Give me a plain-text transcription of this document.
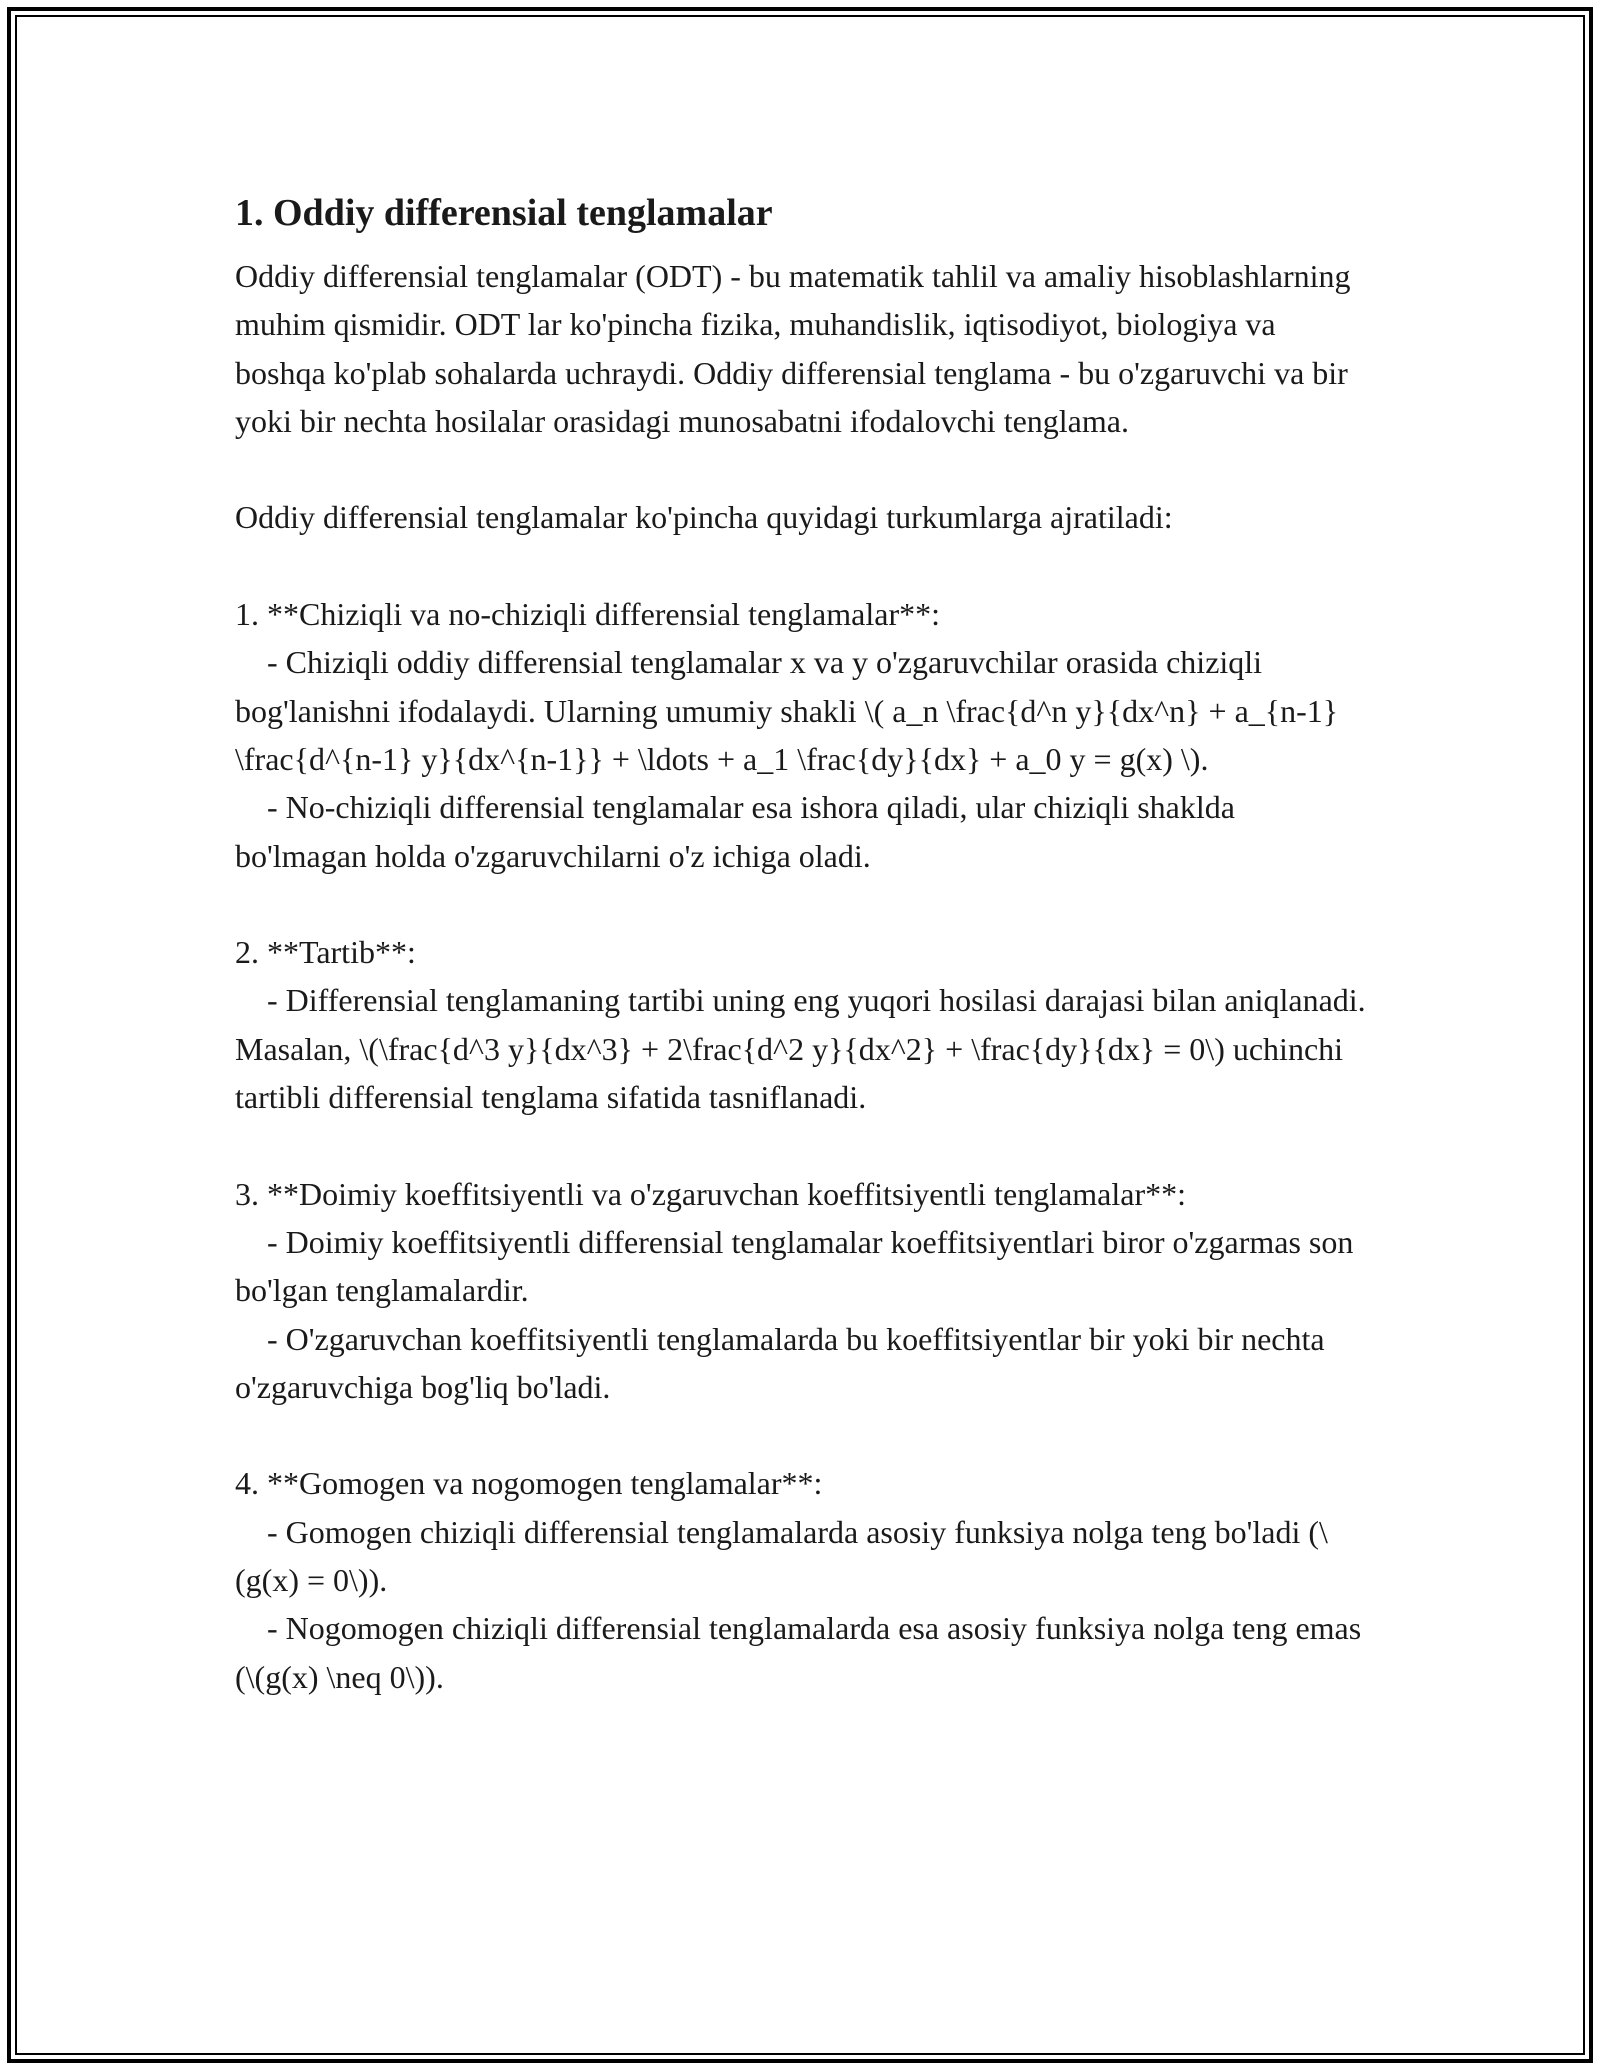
1. Oddiy differensial tenglamalar

Oddiy differensial tenglamalar (ODT) - bu matematik tahlil va amaliy hisoblashlarning muhim qismidir. ODT lar ko'pincha fizika, muhandislik, iqtisodiyot, biologiya va boshqa ko'plab sohalarda uchraydi. Oddiy differensial tenglama - bu o'zgaruvchi va bir yoki bir nechta hosilalar orasidagi munosabatni ifodalovchi tenglama.

Oddiy differensial tenglamalar ko'pincha quyidagi turkumlarga ajratiladi:

1. **Chiziqli va no-chiziqli differensial tenglamalar**:
- Chiziqli oddiy differensial tenglamalar x va y o'zgaruvchilar orasida chiziqli bog'lanishni ifodalaydi. Ularning umumiy shakli \( a_n \frac{d^n y}{dx^n} + a_{n-1} \frac{d^{n-1} y}{dx^{n-1}} + \ldots + a_1 \frac{dy}{dx} + a_0 y = g(x) \).
- No-chiziqli differensial tenglamalar esa ishora qiladi, ular chiziqli shaklda bo'lmagan holda o'zgaruvchilarni o'z ichiga oladi.

2. **Tartib**:
- Differensial tenglamaning tartibi uning eng yuqori hosilasi darajasi bilan aniqlanadi. Masalan, \(\frac{d^3 y}{dx^3} + 2\frac{d^2 y}{dx^2} + \frac{dy}{dx} = 0\) uchinchi tartibli differensial tenglama sifatida tasniflanadi.

3. **Doimiy koeffitsiyentli va o'zgaruvchan koeffitsiyentli tenglamalar**:
- Doimiy koeffitsiyentli differensial tenglamalar koeffitsiyentlari biror o'zgarmas son bo'lgan tenglamalardir.
- O'zgaruvchan koeffitsiyentli tenglamalarda bu koeffitsiyentlar bir yoki bir nechta o'zgaruvchiga bog'liq bo'ladi.

4. **Gomogen va nogomogen tenglamalar**:
- Gomogen chiziqli differensial tenglamalarda asosiy funksiya nolga teng bo'ladi (\(g(x) = 0\)).
- Nogomogen chiziqli differensial tenglamalarda esa asosiy funksiya nolga teng emas (\(g(x) \neq 0\)).
